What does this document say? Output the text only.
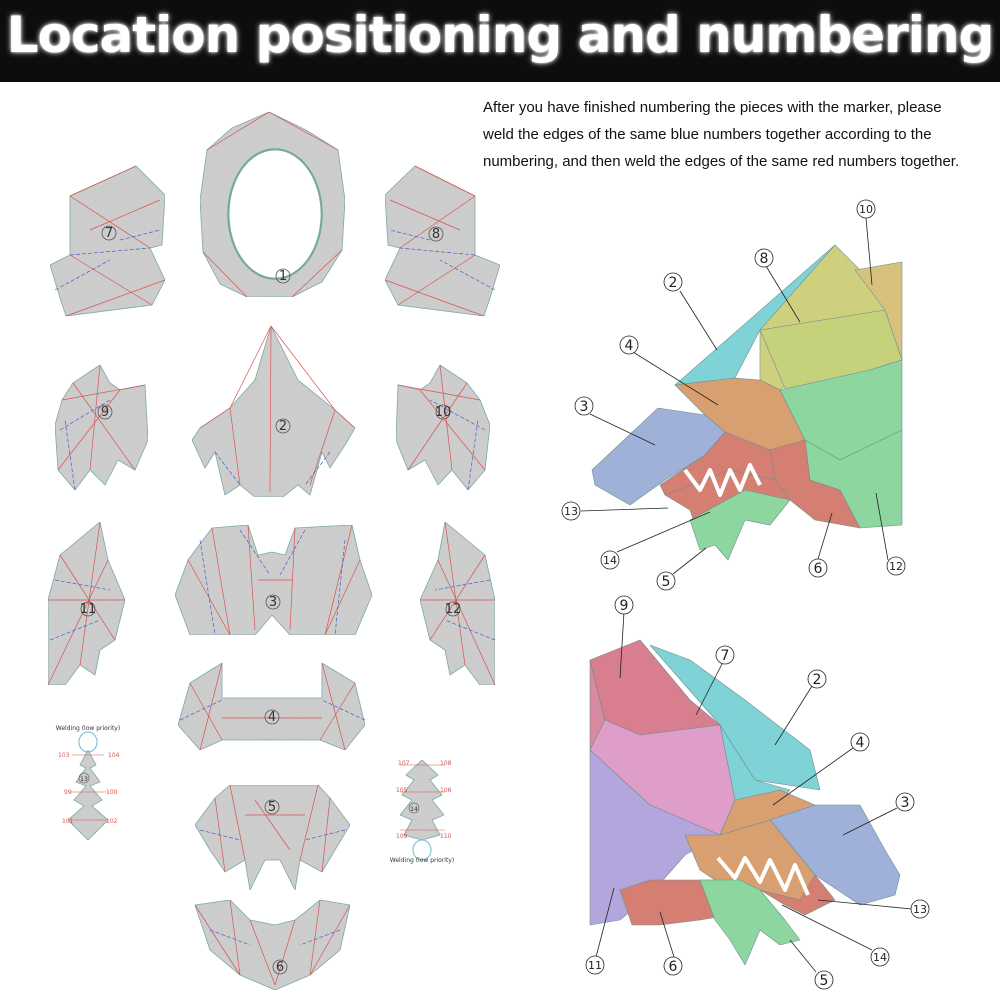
Location positioning and numbering
After you have finished numbering the pieces with the marker, please
weld the edges of the same blue numbers together according to the
numbering, and then weld the edges of the same red numbers together.
1
7	8
2
9	10
3
11	12
4
5
6
Welding (low priority)
13
103	104
99	100
101	102
14
107	108
105	106
109	110
Welding (low priority)
2
8
10
4
3
13
14
5
6	12
9
7
2
4
3
13
14
11	6
5
